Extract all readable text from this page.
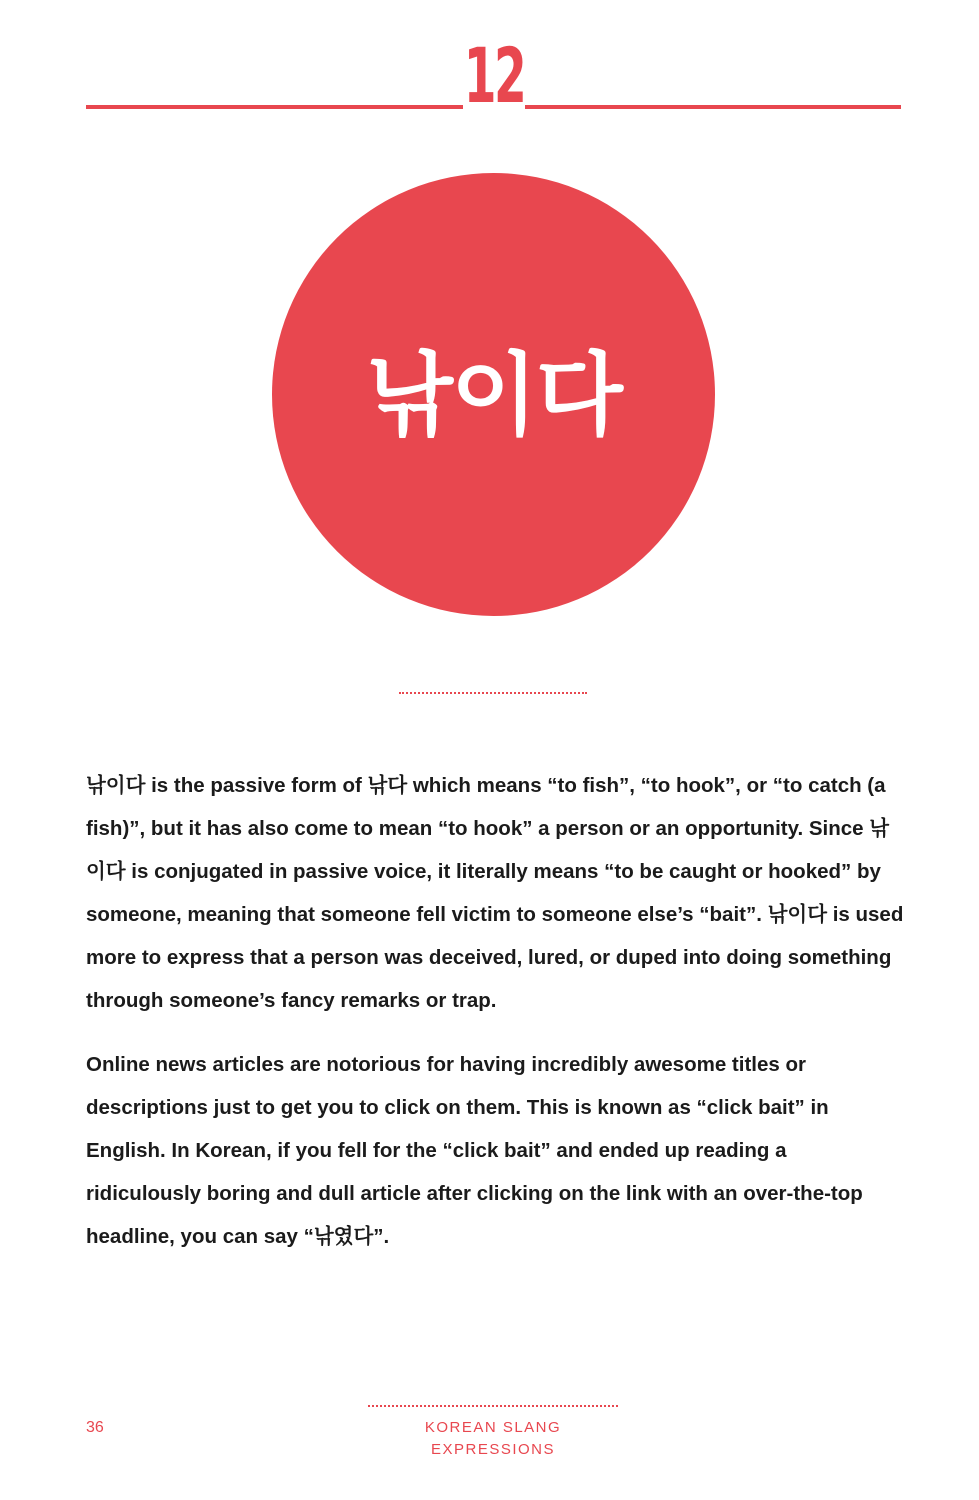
12
낚이다

낚이다 is the passive form of 낚다 which means “to fish”, “to hook”, or “to catch (a fish)”, but it has also come to mean “to hook” a person or an opportunity. Since 낚이다 is conjugated in passive voice, it literally means “to be caught or hooked” by someone, meaning that someone fell victim to someone else’s “bait”. 낚이다 is used more to express that a person was deceived, lured, or duped into doing something through someone’s fancy remarks or trap.

Online news articles are notorious for having incredibly awesome titles or descriptions just to get you to click on them. This is known as “click bait” in English. In Korean, if you fell for the “click bait” and ended up reading a ridiculously boring and dull article after clicking on the link with an over-the-top headline, you can say “낚였다”.

36	KOREAN SLANG EXPRESSIONS
